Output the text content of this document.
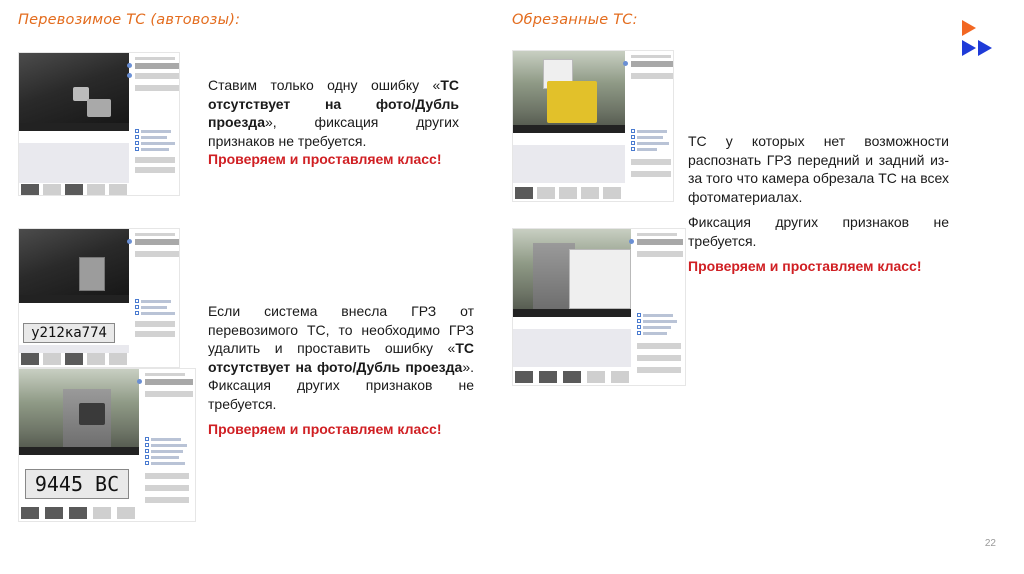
Перевозимое ТС (автовозы):	Обрезанные ТС:
у212ка774
9445 BC
Ставим только одну ошибку «ТС отсутствует на фото/Дубль проезда», фиксация других признаков не требуется.
Проверяем и проставляем класс!
Если система внесла ГРЗ от перевозимого ТС, то необходимо ГРЗ удалить и проставить ошибку «ТС отсутствует на фото/Дубль проезда». Фиксация других признаков не требуется.
Проверяем и проставляем класс!
ТС у которых нет возможности распознать ГРЗ передний и задний из-за того что камера обрезала ТС на всех фотоматериалах.
Фиксация других признаков не требуется.
Проверяем и проставляем класс!
22
